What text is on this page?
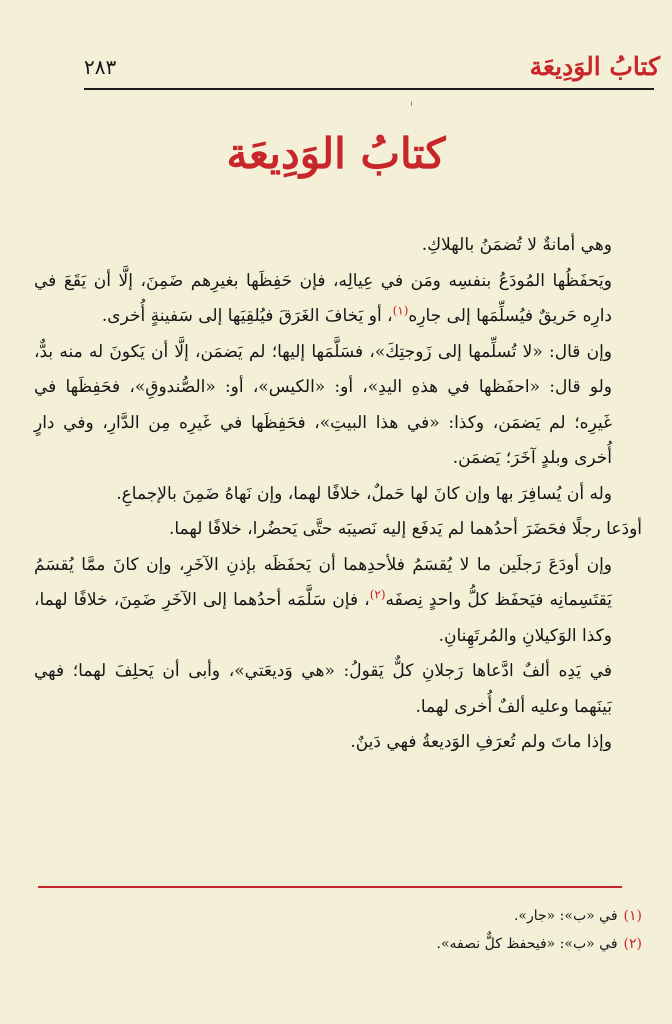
كتابُ الوَدِيعَة
٢٨٣
كتابُ الوَدِيعَة

وهي أمانةٌ لا تُضمَنُ بالهلاكِ.

ويَحفَظُها المُودَعُ بنفسِه ومَن في عِيالِه، فإن حَفِظَها بغيرِهم ضَمِنَ، إلَّا أن يَقَعَ في دارِه حَريقٌ فيُسلِّمَها إلى جارِه$^{(١)}$، أو يَخافَ الغَرَقَ فيُلقِيَها إلى سَفينةٍ أُخرى.

وإن قال: «لا تُسلِّمها إلى زَوجتِكَ»، فسَلَّمَها إليها؛ لم يَضمَن، إلَّا أن يَكونَ له منه بدٌّ، ولو قال: «احفَظها في هذهِ اليدِ»، أو: «الكيس»، أو: «الصُّندوقِ»، فحَفِظَها في غَيرِه؛ لم يَضمَن، وكذا: «في هذا البيتِ»، فحَفِظَها في غَيرِه مِن الدَّارِ، وفي دارٍ أُخرى وبلدٍ آخَرَ؛ يَضمَن.

وله أن يُسافِرَ بها وإن كانَ لها حَملٌ، خلافًا لهما، وإن نَهاهُ ضَمِنَ بالإجماعِ.

أودَعا رجلًا فحَضَرَ أحدُهما لم يَدفَع إليه نَصيبَه حتَّى يَحضُرا، خلافًا لهما.

وإن أودَعَ رَجلَين ما لا يُقسَمُ فلأحدِهما أن يَحفَظَه بإذنِ الآخَرِ، وإن كانَ ممَّا يُقسَمُ يَقتَسِمانِه فيَحفَظ كلُّ واحدٍ نِصفَه$^{(٢)}$، فإن سَلَّمَه أحدُهما إلى الآخَرِ ضَمِنَ، خلافًا لهما، وكذا الوَكيلانِ والمُرتَهِنانِ.

في يَدِه ألفٌ ادَّعاها رَجلانِ كلٌّ يَقولُ: «هي وَديعَتي»، وأبى أن يَحلِفَ لهما؛ فهي بَينَهما وعليه ألفٌ أُخرى لهما.

وإذا ماتَ ولم تُعرَفِ الوَديعةُ فهي دَينٌ.

(١)في «ب»: «جار».
(٢)في «ب»: «فيحفظ كلٌّ نصفه».
